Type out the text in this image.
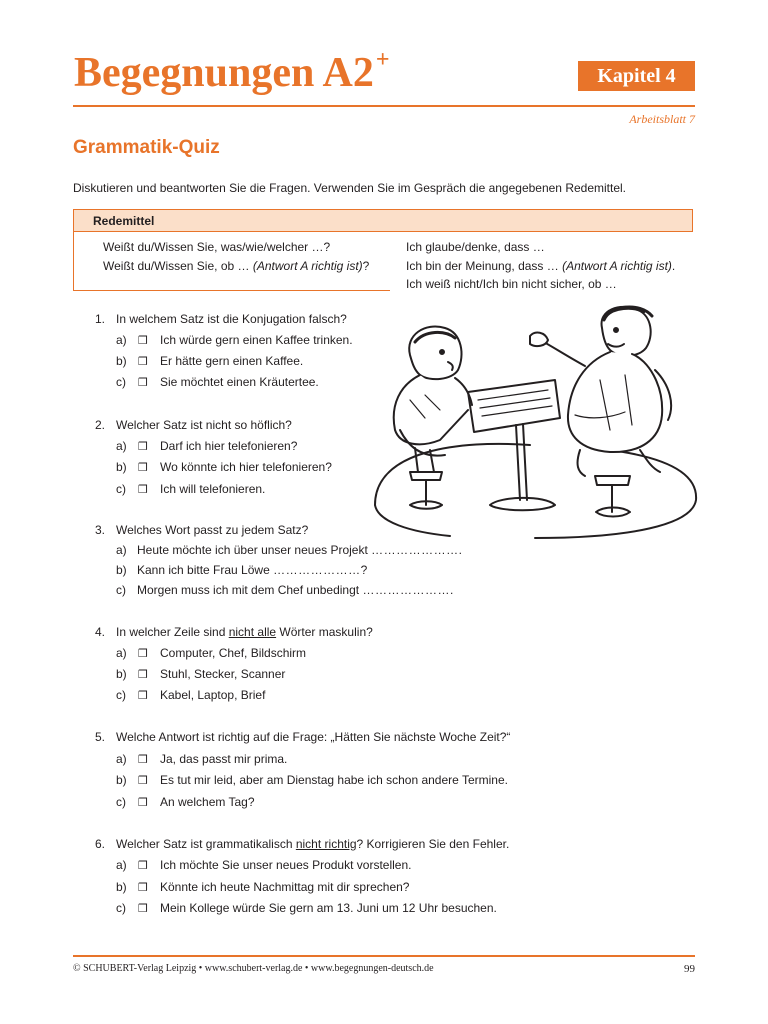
Begegnungen A2+
Kapitel 4
Arbeitsblatt 7
Grammatik-Quiz
Diskutieren und beantworten Sie die Fragen. Verwenden Sie im Gespräch die angegebenen Redemittel.
Redemittel
Weißt du/Wissen Sie, was/wie/welcher …?
Weißt du/Wissen Sie, ob … (Antwort A richtig ist)?
Ich glaube/denke, dass …
Ich bin der Meinung, dass … (Antwort A richtig ist).
Ich weiß nicht/Ich bin nicht sicher, ob …
1. In welchem Satz ist die Konjugation falsch?
a) ❒ Ich würde gern einen Kaffee trinken.
b) ❒ Er hätte gern einen Kaffee.
c) ❒ Sie möchtet einen Kräutertee.
2. Welcher Satz ist nicht so höflich?
a) ❒ Darf ich hier telefonieren?
b) ❒ Wo könnte ich hier telefonieren?
c) ❒ Ich will telefonieren.
3. Welches Wort passt zu jedem Satz?
a) Heute möchte ich über unser neues Projekt ………………….
b) Kann ich bitte Frau Löwe …………………?
c) Morgen muss ich mit dem Chef unbedingt ………………….
4. In welcher Zeile sind nicht alle Wörter maskulin?
a) ❒ Computer, Chef, Bildschirm
b) ❒ Stuhl, Stecker, Scanner
c) ❒ Kabel, Laptop, Brief
5. Welche Antwort ist richtig auf die Frage: „Hätten Sie nächste Woche Zeit?“
a) ❒ Ja, das passt mir prima.
b) ❒ Es tut mir leid, aber am Dienstag habe ich schon andere Termine.
c) ❒ An welchem Tag?
6. Welcher Satz ist grammatikalisch nicht richtig? Korrigieren Sie den Fehler.
a) ❒ Ich möchte Sie unser neues Produkt vorstellen.
b) ❒ Könnte ich heute Nachmittag mit dir sprechen?
c) ❒ Mein Kollege würde Sie gern am 13. Juni um 12 Uhr besuchen.
© SCHUBERT-Verlag Leipzig • www.schubert-verlag.de • www.begegnungen-deutsch.de	99
